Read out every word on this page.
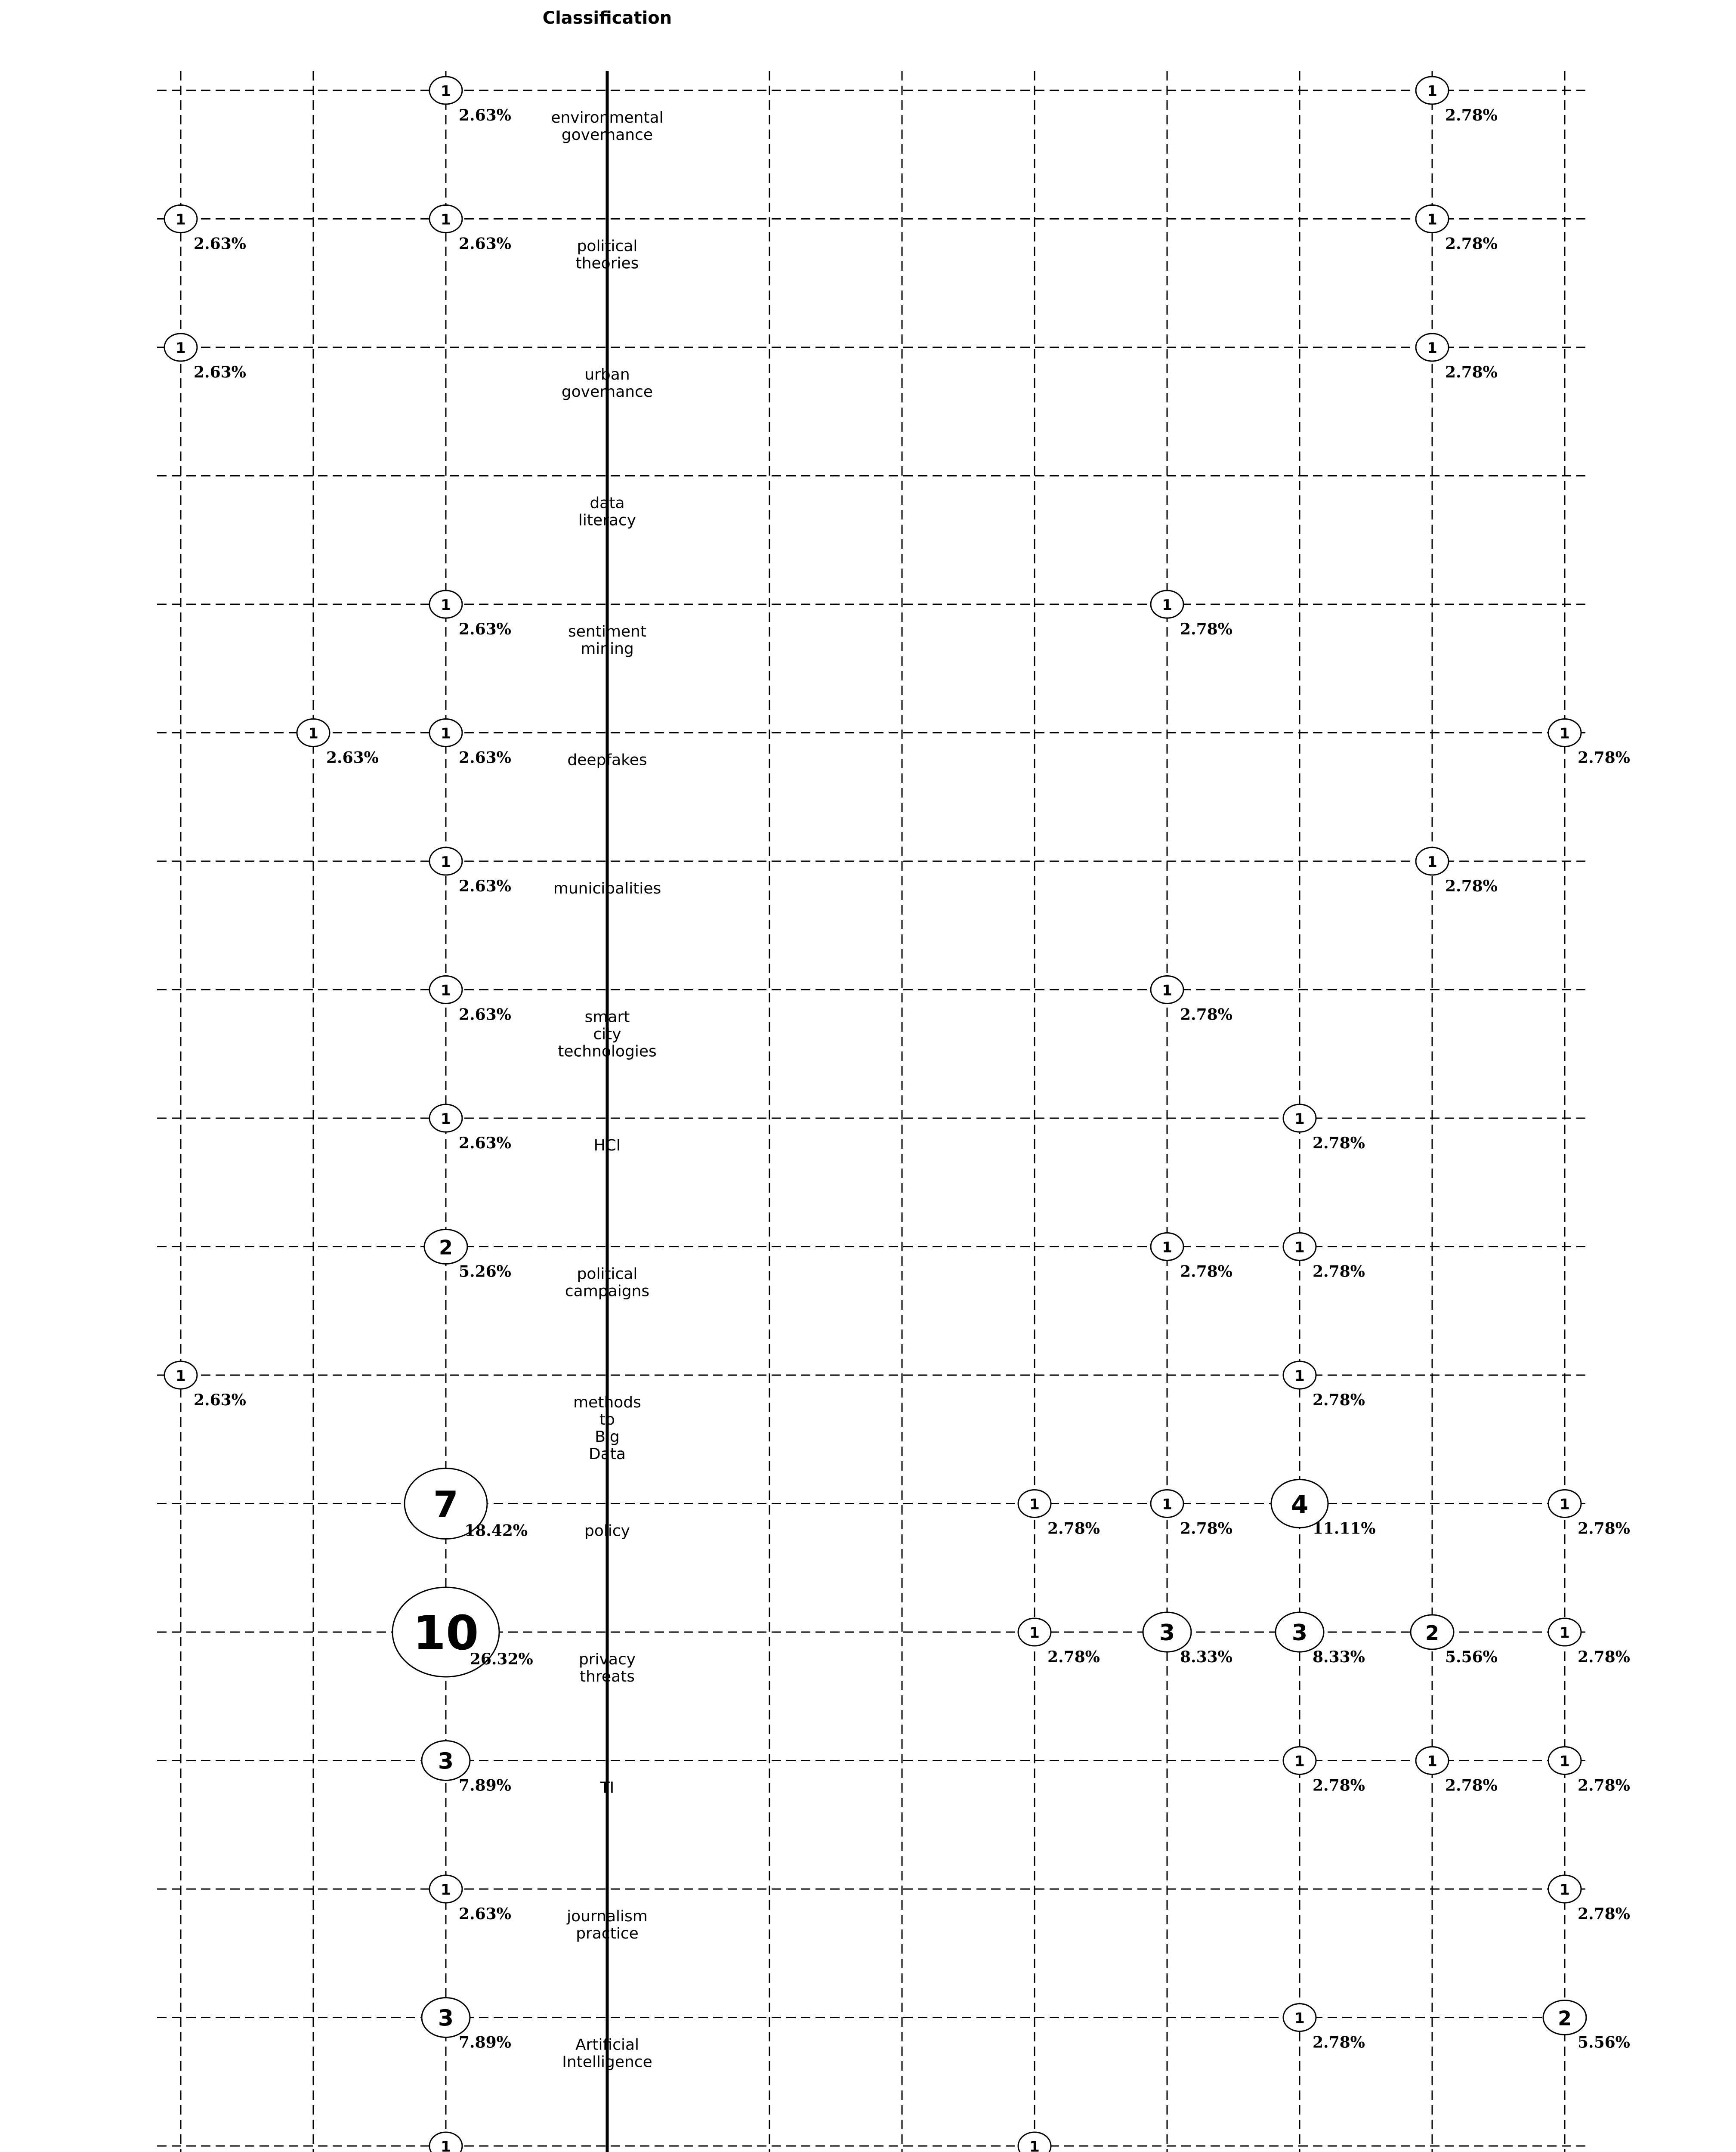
Classification
environmental
governance
political
theories
urban
governance
data
literacy
sentiment
mining
deepfakes
municipalities
smart
city
technologies
HCI
political
campaigns
methods
to
Big
Data
policy
privacy
threats
TI
journalism
practice
Artificial
Intelligence
1
2.63%
1
2.78%
1
2.63%
1
2.63%
1
2.78%
1
2.63%
1
2.78%
1
2.63%
1
2.78%
1
2.63%
1
2.63%
1
2.78%
1
2.63%
1
2.78%
1
2.63%
1
2.78%
1
2.63%
1
2.78%
2
5.26%
1
2.78%
1
2.78%
1
2.63%
1
2.78%
7
18.42%
1
2.78%
1
2.78%
4
11.11%
1
2.78%
10
26.32%
1
2.78%
3
8.33%
3
8.33%
2
5.56%
1
2.78%
3
7.89%
1
2.78%
1
2.78%
1
2.78%
1
2.63%
1
2.78%
3
7.89%
1
2.78%
2
5.56%
1	1
